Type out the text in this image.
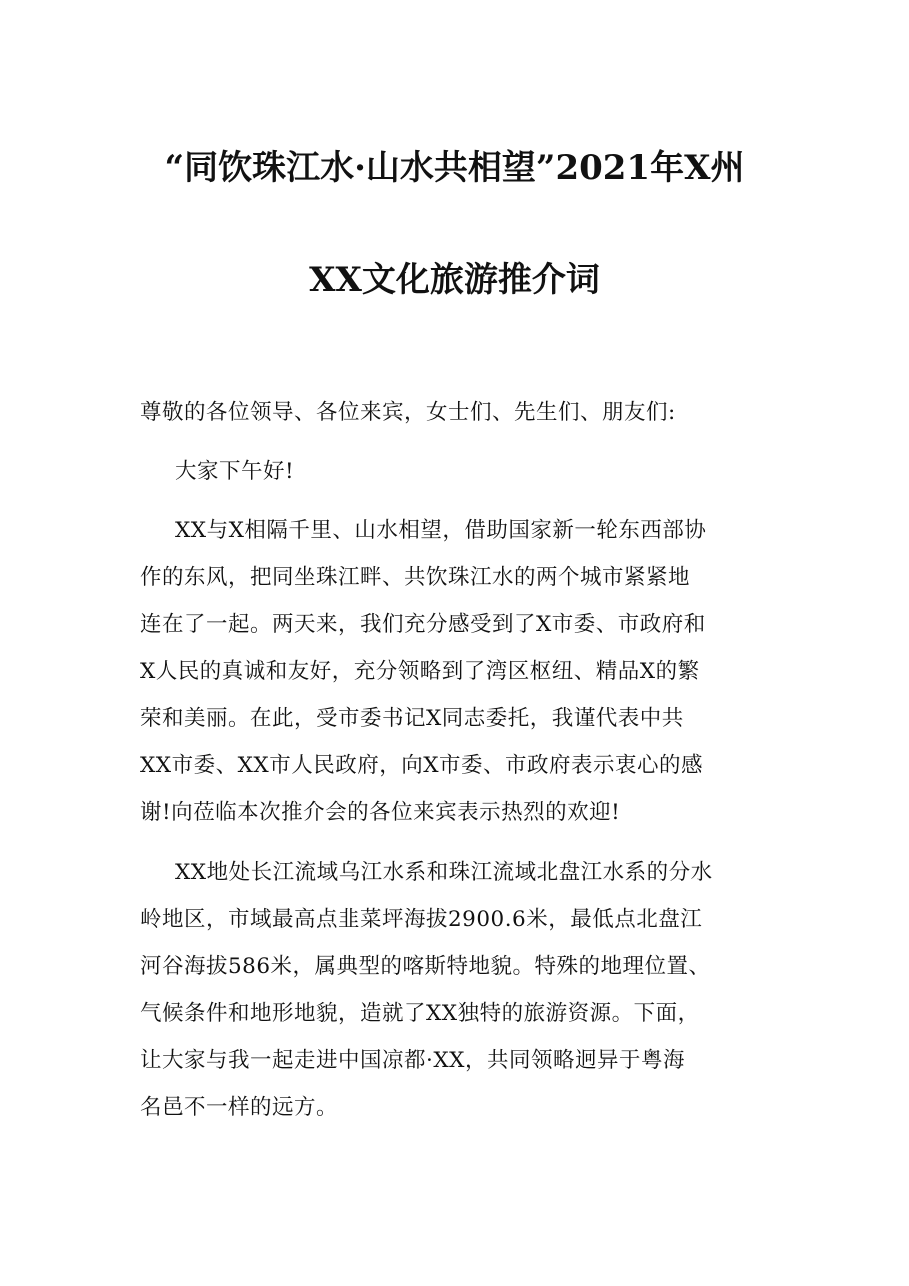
“同饮珠江水·山水共相望”2021年X州
XX文化旅游推介词
尊敬的各位领导、各位来宾，女士们、先生们、朋友们:
大家下午好!
XX与X相隔千里、山水相望，借助国家新一轮东西部协
作的东风，把同坐珠江畔、共饮珠江水的两个城市紧紧地
连在了一起。两天来，我们充分感受到了X市委、市政府和
X人民的真诚和友好，充分领略到了湾区枢纽、精品X的繁
荣和美丽。在此，受市委书记X同志委托，我谨代表中共
XX市委、XX市人民政府，向X市委、市政府表示衷心的感
谢!向莅临本次推介会的各位来宾表示热烈的欢迎!
XX地处长江流域乌江水系和珠江流域北盘江水系的分水
岭地区，市域最高点韭菜坪海拔2900.6米，最低点北盘江
河谷海拔586米，属典型的喀斯特地貌。特殊的地理位置、
气候条件和地形地貌，造就了XX独特的旅游资源。下面，
让大家与我一起走进中国凉都·XX，共同领略迥异于粤海
名邑不一样的远方。
